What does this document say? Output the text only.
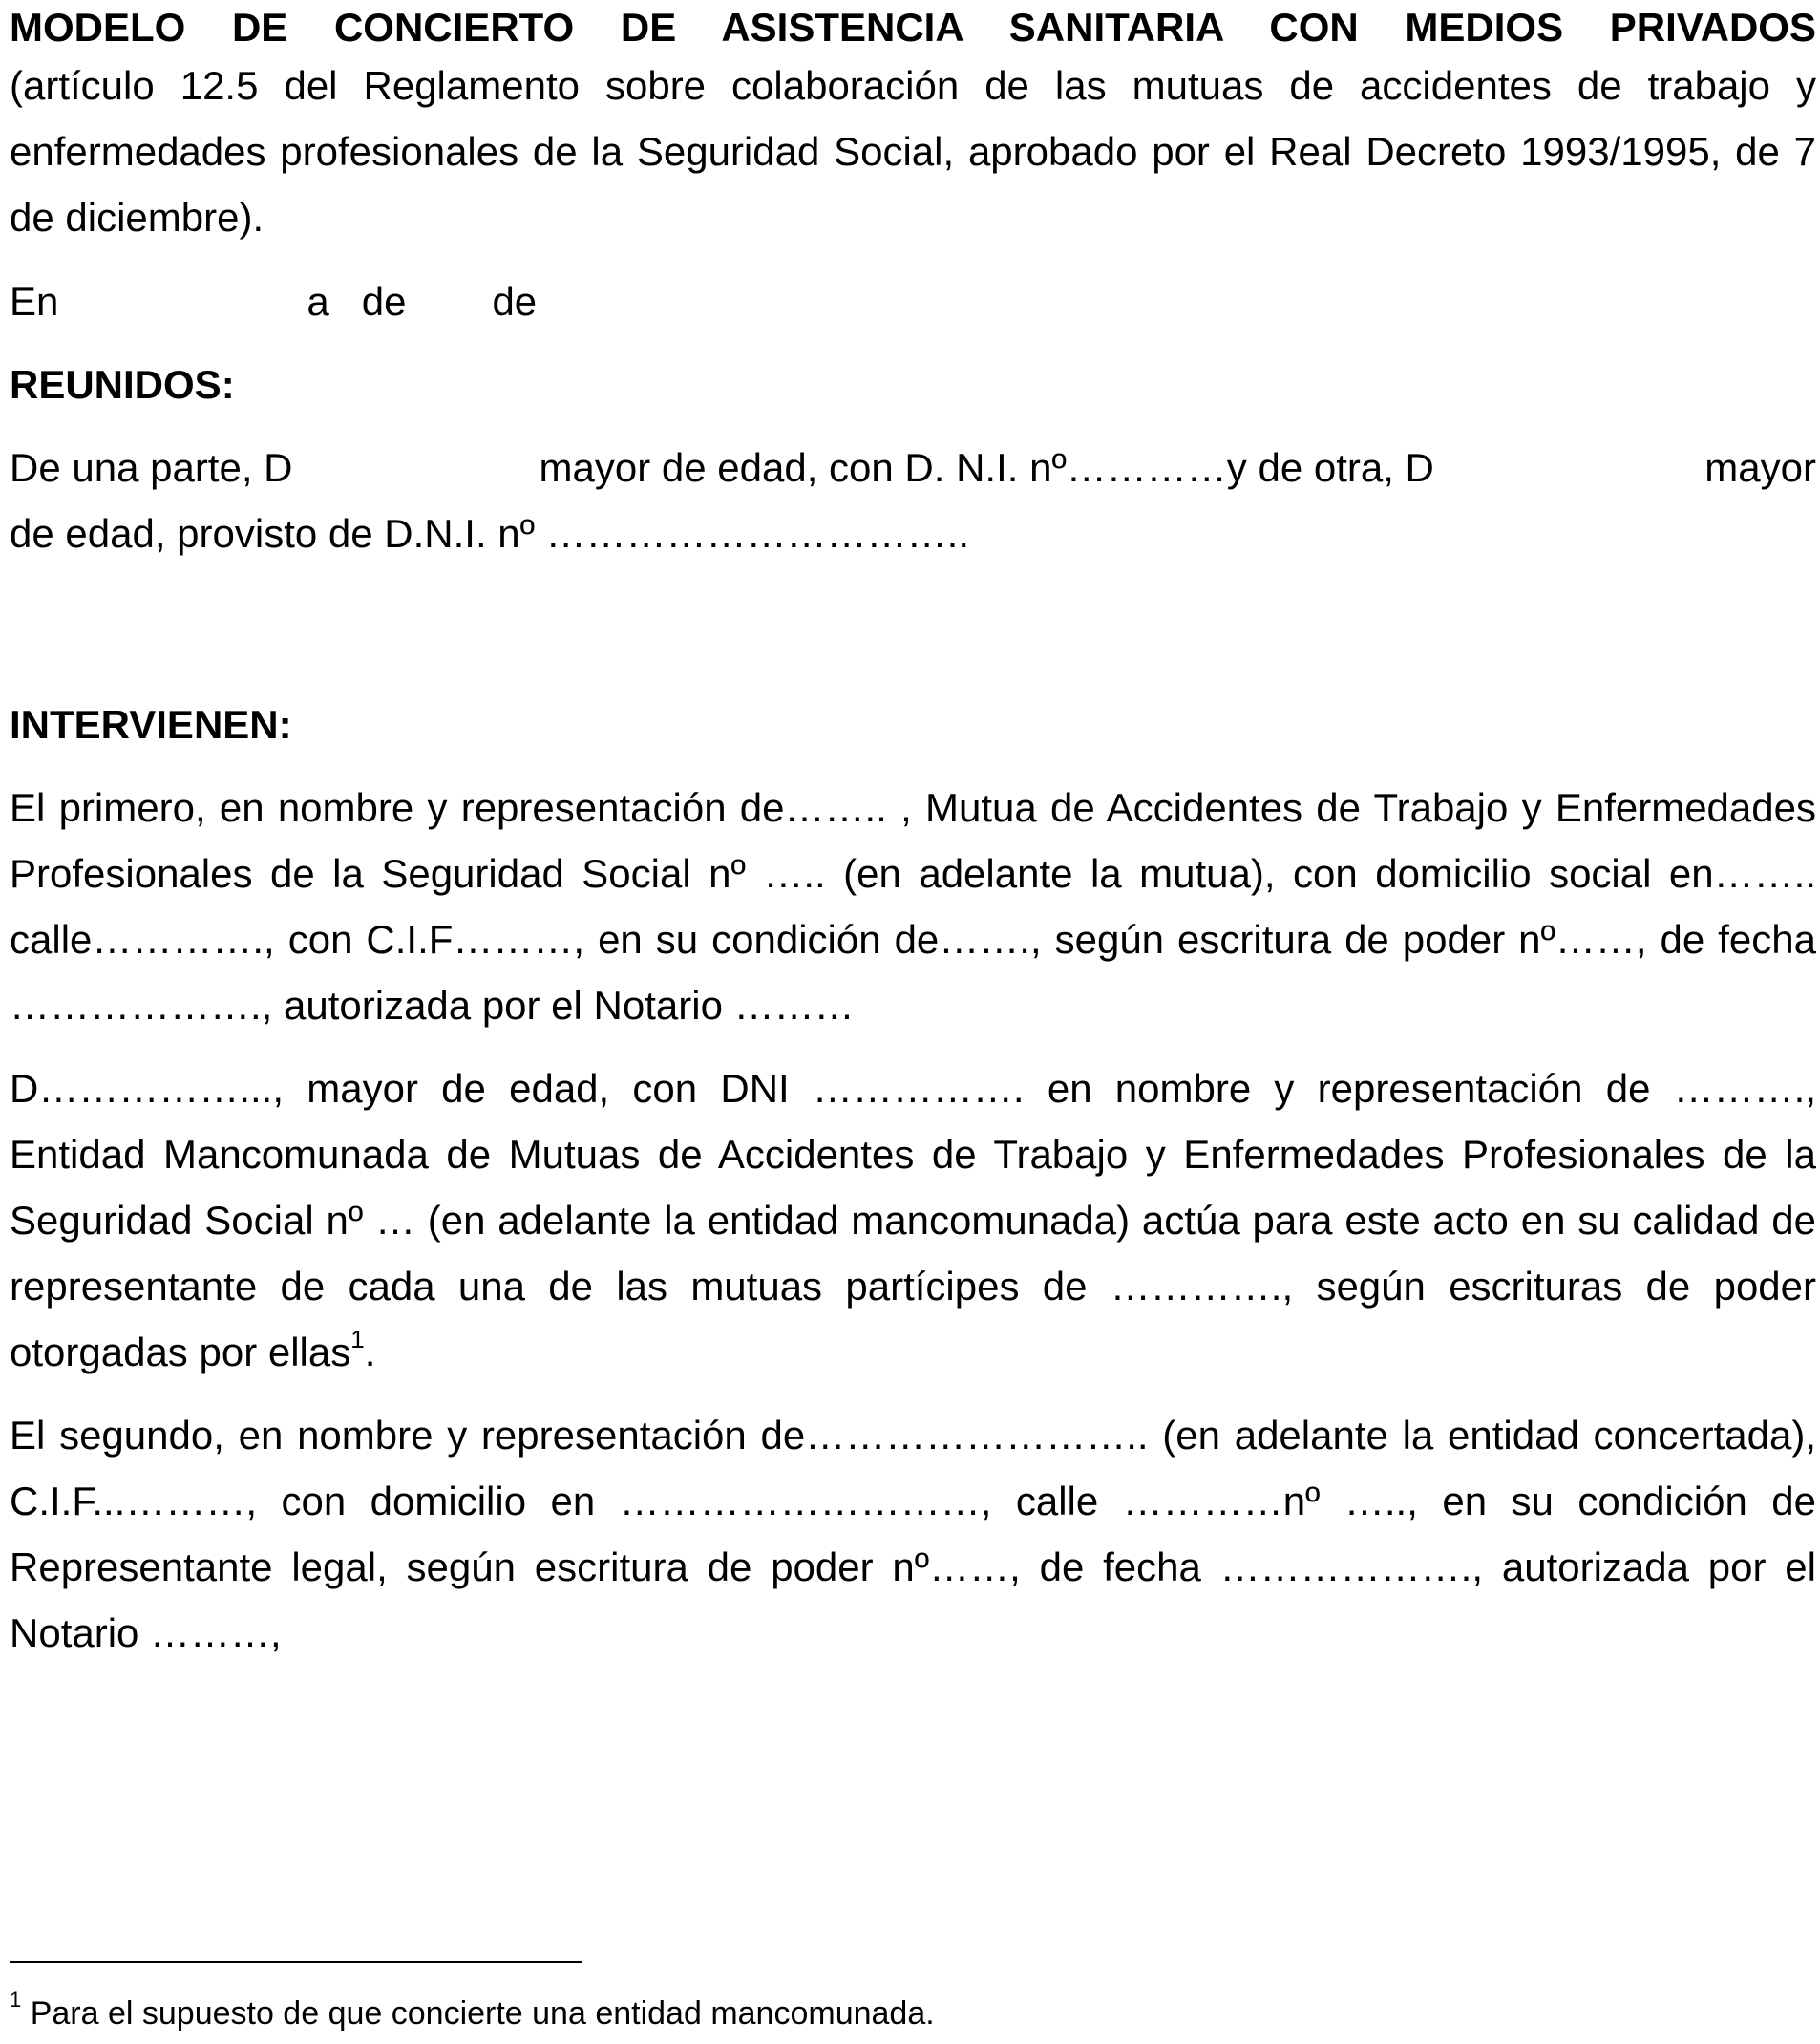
MODELO DE CONCIERTO DE ASISTENCIA SANITARIA CON MEDIOS PRIVADOS

(artículo 12.5 del Reglamento sobre colaboración de las mutuas de accidentes de trabajo y enfermedades profesionales de la Seguridad Social, aprobado por el Real Decreto 1993/1995, de 7 de diciembre).

En	a de de

REUNIDOS:

De una parte, D	mayor de edad, con D. N.I. nº…………y de otra, D	mayor

de edad, provisto de D.N.I. nº …………………………..

INTERVIENEN:

El primero, en nombre y representación de…….. , Mutua de Accidentes de Trabajo y Enfermedades Profesionales de la Seguridad Social nº ….. (en adelante la mutua), con domicilio social en…….. calle…………., con C.I.F………, en su condición de……., según escritura de poder nº……, de fecha ………………., autorizada por el Notario ………

D……………..., mayor de edad, con DNI ……………. en nombre y representación de ………., Entidad Mancomunada de Mutuas de Accidentes de Trabajo y Enfermedades Profesionales de la Seguridad Social nº … (en adelante la entidad mancomunada) actúa para este acto en su calidad de representante de cada una de las mutuas partícipes de …………., según escrituras de poder otorgadas por ellas$^1$.

El segundo, en nombre y representación de…………………….. (en adelante la entidad concertada), C.I.F...………, con domicilio en ………………………, calle …………nº ….., en su condición de Representante legal, según escritura de poder nº……, de fecha ………………., autorizada por el Notario ………,

$^1$ Para el supuesto de que concierte una entidad mancomunada.
